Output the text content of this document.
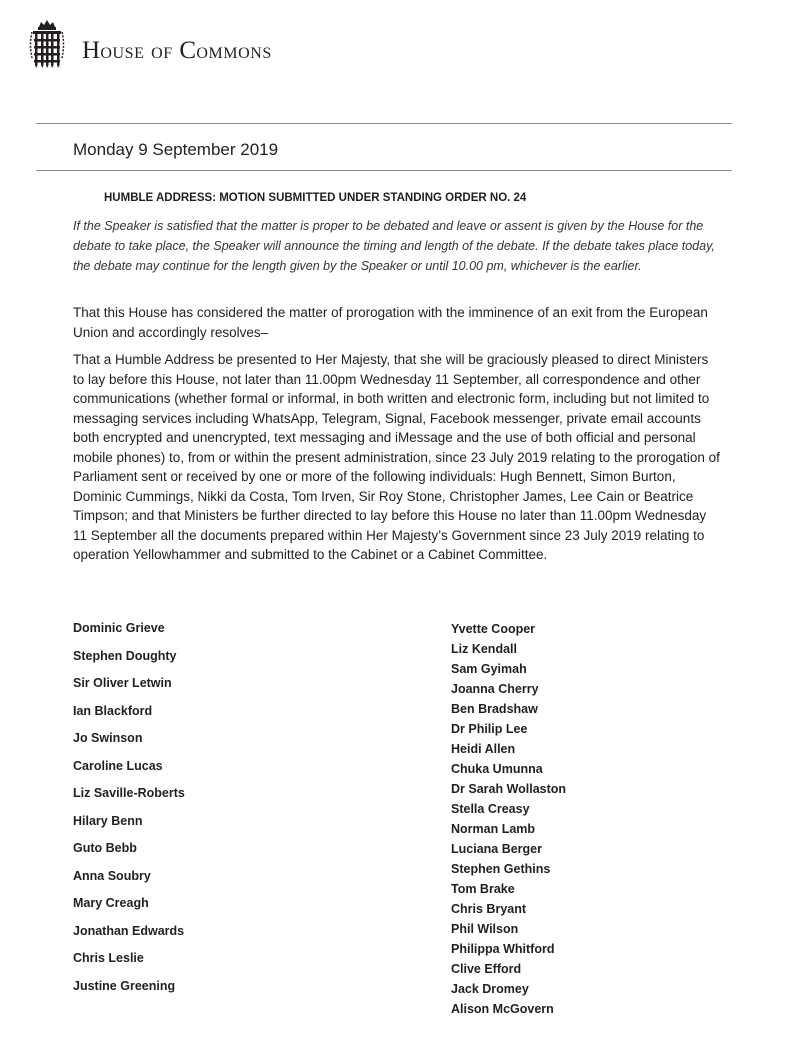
HOUSE OF COMMONS
Monday 9 September 2019
HUMBLE ADDRESS: MOTION SUBMITTED UNDER STANDING ORDER NO. 24
If the Speaker is satisfied that the matter is proper to be debated and leave or assent is given by the House for the debate to take place, the Speaker will announce the timing and length of the debate. If the debate takes place today, the debate may continue for the length given by the Speaker or until 10.00 pm, whichever is the earlier.
That this House has considered the matter of prorogation with the imminence of an exit from the European Union and accordingly resolves–
That a Humble Address be presented to Her Majesty, that she will be graciously pleased to direct Ministers to lay before this House, not later than 11.00pm Wednesday 11 September, all correspondence and other communications (whether formal or informal, in both written and electronic form, including but not limited to messaging services including WhatsApp, Telegram, Signal, Facebook messenger, private email accounts both encrypted and unencrypted, text messaging and iMessage and the use of both official and personal mobile phones) to, from or within the present administration, since 23 July 2019 relating to the prorogation of Parliament sent or received by one or more of the following individuals: Hugh Bennett, Simon Burton, Dominic Cummings, Nikki da Costa, Tom Irven, Sir Roy Stone, Christopher James, Lee Cain or Beatrice Timpson; and that Ministers be further directed to lay before this House no later than 11.00pm Wednesday 11 September all the documents prepared within Her Majesty’s Government since 23 July 2019 relating to operation Yellowhammer and submitted to the Cabinet or a Cabinet Committee.
Dominic Grieve
Stephen Doughty
Sir Oliver Letwin
Ian Blackford
Jo Swinson
Caroline Lucas
Liz Saville-Roberts
Hilary Benn
Guto Bebb
Anna Soubry
Mary Creagh
Jonathan Edwards
Chris Leslie
Justine Greening
Yvette Cooper
Liz Kendall
Sam Gyimah
Joanna Cherry
Ben Bradshaw
Dr Philip Lee
Heidi Allen
Chuka Umunna
Dr Sarah Wollaston
Stella Creasy
Norman Lamb
Luciana Berger
Stephen Gethins
Tom Brake
Chris Bryant
Phil Wilson
Philippa Whitford
Clive Efford
Jack Dromey
Alison McGovern
